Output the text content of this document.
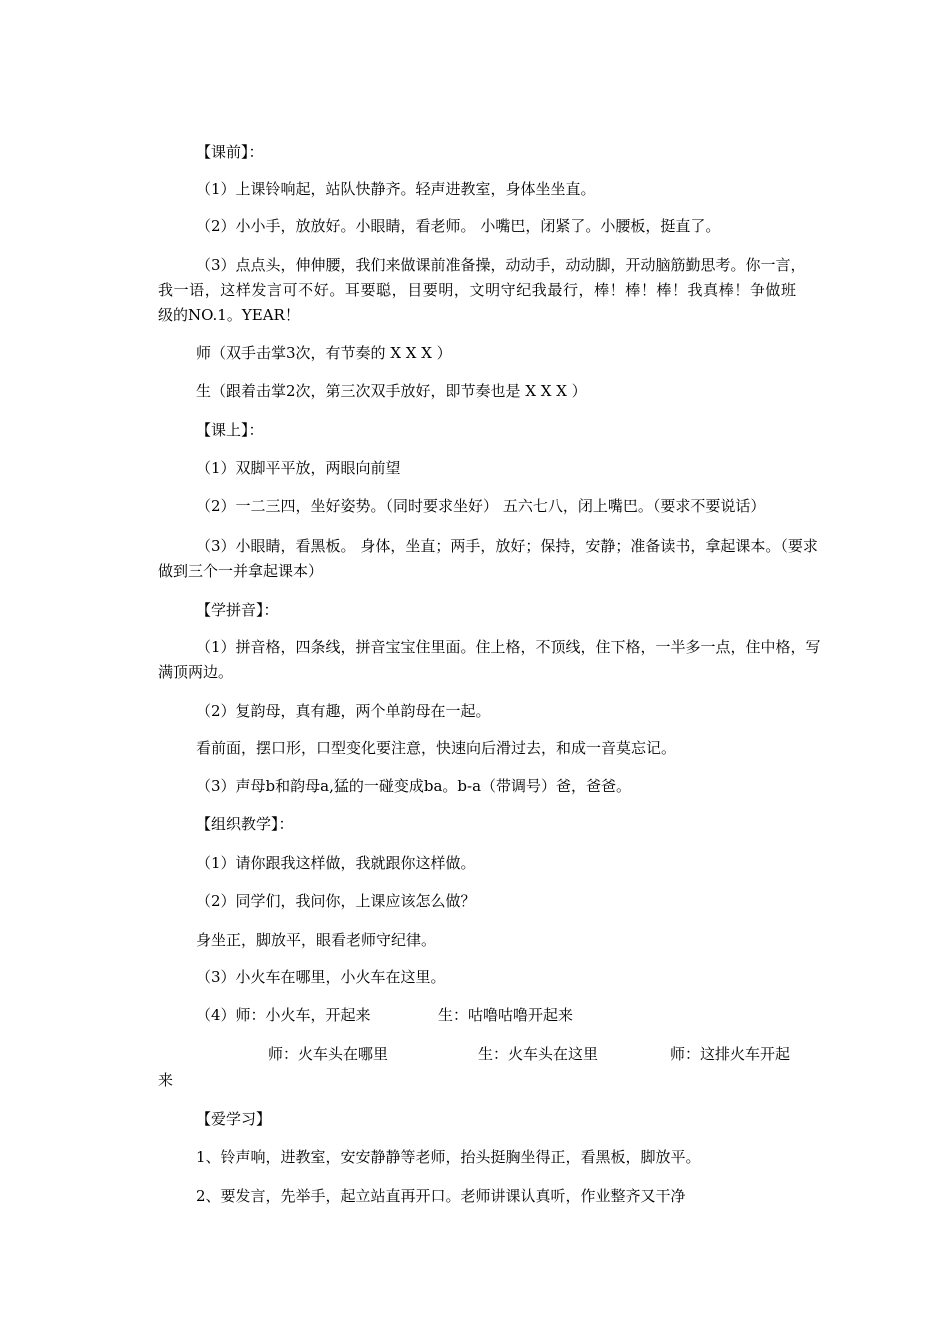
【课前】：
（1）上课铃响起，站队快静齐。轻声进教室，身体坐坐直。
（2）小小手，放放好。小眼睛，看老师。 小嘴巴，闭紧了。小腰板，挺直了。
（3）点点头，伸伸腰，我们来做课前准备操，动动手，动动脚，开动脑筋勤思考。你一言，
我一语，这样发言可不好。耳要聪，目要明，文明守纪我最行，棒！棒！棒！我真棒！争做班
级的NO.1。YEAR！
师（双手击掌3次，有节奏的 X X X ）
生（跟着击掌2次，第三次双手放好，即节奏也是 X X X ）
【课上】：
（1）双脚平平放，两眼向前望
（2）一二三四，坐好姿势。（同时要求坐好） 五六七八，闭上嘴巴。（要求不要说话）
（3）小眼睛，看黑板。 身体，坐直；两手，放好；保持，安静；准备读书，拿起课本。（要求
做到三个一并拿起课本）
【学拼音】：
（1）拼音格，四条线，拼音宝宝住里面。住上格，不顶线，住下格，一半多一点，住中格，写
满顶两边。
（2）复韵母，真有趣，两个单韵母在一起。
看前面，摆口形，口型变化要注意，快速向后滑过去，和成一音莫忘记。
（3）声母b和韵母a,猛的一碰变成ba。b-a（带调号）爸，爸爸。
【组织教学】：
（1）请你跟我这样做，我就跟你这样做。
（2）同学们，我问你，上课应该怎么做？
身坐正，脚放平，眼看老师守纪律。
（3）小火车在哪里，小火车在这里。
（4）师：小火车，开起来	生：咕噜咕噜开起来
师：火车头在哪里	生：火车头在这里	师：这排火车开起
来
【爱学习】
1、铃声响，进教室，安安静静等老师，抬头挺胸坐得正，看黑板，脚放平。
2、要发言，先举手，起立站直再开口。老师讲课认真听，作业整齐又干净
